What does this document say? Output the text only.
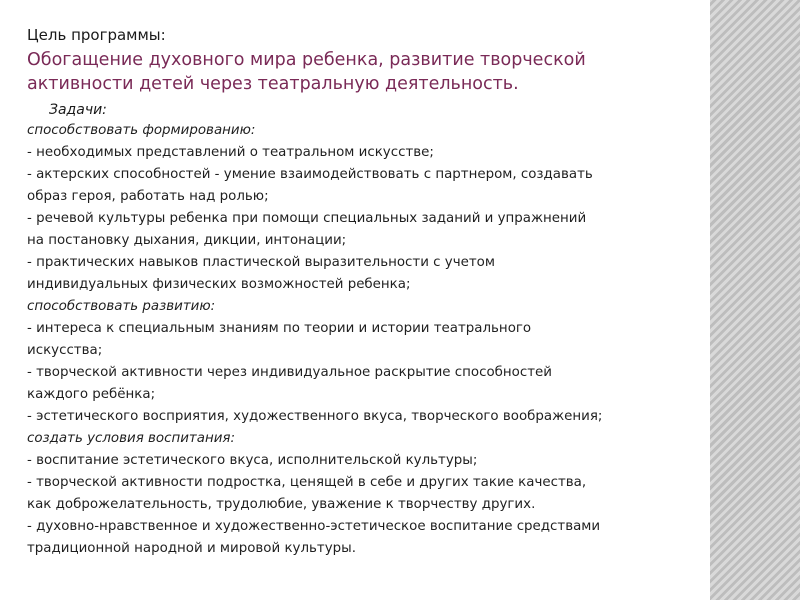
Цель программы:
Обогащение духовного мира ребенка, развитие творческой
активности детей через театральную деятельность.
Задачи:
способствовать формированию:
- необходимых представлений о театральном искусстве;
- актерских способностей - умение взаимодействовать с партнером, создавать
образ героя, работать над ролью;
- речевой культуры ребенка при помощи специальных заданий и упражнений
на постановку дыхания, дикции, интонации;
- практических навыков пластической выразительности с учетом
индивидуальных физических возможностей ребенка;
способствовать развитию:
- интереса к специальным знаниям по теории и истории театрального
искусства;
- творческой активности через индивидуальное раскрытие способностей
каждого ребёнка;
- эстетического восприятия, художественного вкуса, творческого воображения;
создать условия воспитания:
- воспитание эстетического вкуса, исполнительской культуры;
- творческой активности подростка, ценящей в себе и других такие качества,
как доброжелательность, трудолюбие, уважение к творчеству других.
- духовно-нравственное и художественно-эстетическое воспитание средствами
традиционной народной и мировой культуры.
